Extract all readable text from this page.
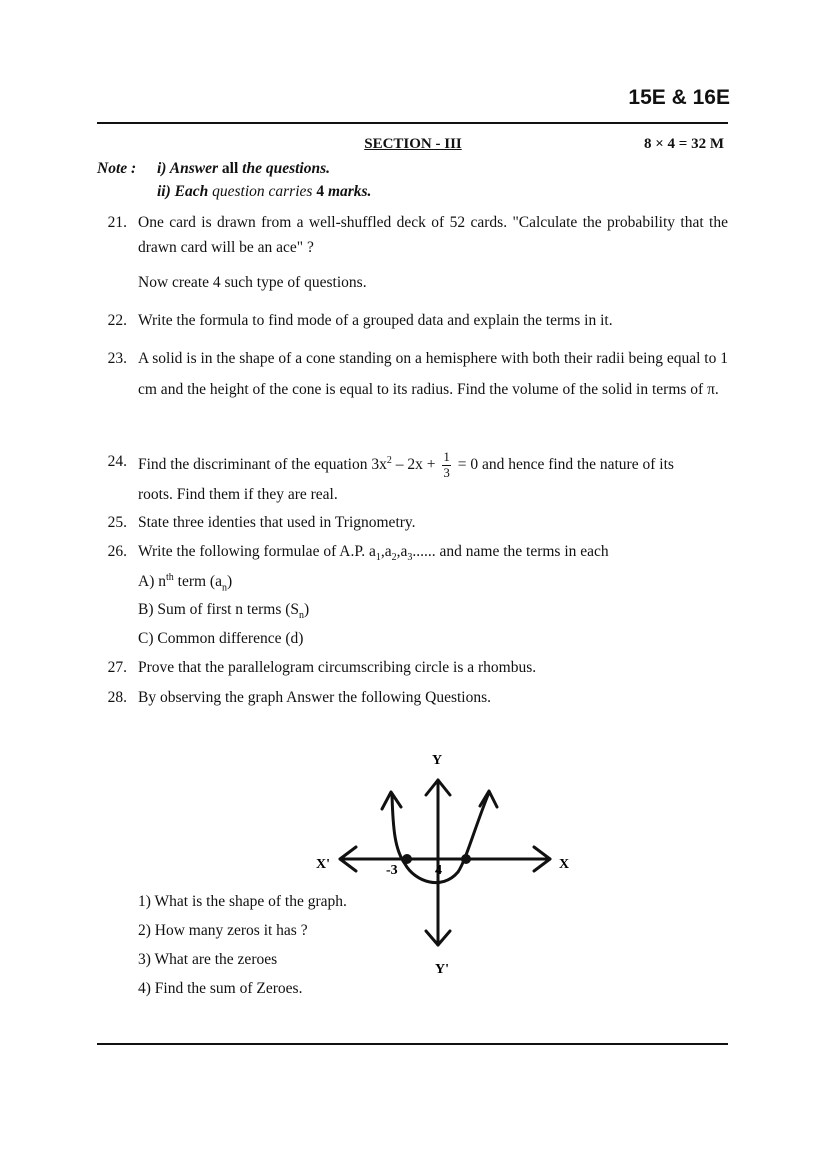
15E & 16E
SECTION - III	8 × 4 = 32 M
Note : i) Answer all the questions.
ii) Each question carries 4 marks.
21. One card is drawn from a well-shuffled deck of 52 cards. "Calculate the probability that the drawn card will be an ace" ?
Now create 4 such type of questions.
22. Write the formula to find mode of a grouped data and explain the terms in it.
23. A solid is in the shape of a cone standing on a hemisphere with both their radii being equal to 1 cm and the height of the cone is equal to its radius. Find the volume of the solid in terms of π.
24. Find the discriminant of the equation $3x^2 - 2x + \frac{1}{3} = 0$ and hence find the nature of its
roots. Find them if they are real.
25. State three identies that used in Trignometry.
26. Write the following formulae of A.P. $a_1,a_2,a_3$...... and name the terms in each
A) $n^{th}$ term $(a_n)$
B) Sum of first n terms $(S_n)$
C) Common difference (d)
27. Prove that the parallelogram circumscribing circle is a rhombus.
28. By observing the graph Answer the following Questions.
Y
Y'
X
X'	-3	4
1) What is the shape of the graph.
2) How many zeros it has ?
3) What are the zeroes
4) Find the sum of Zeroes.
